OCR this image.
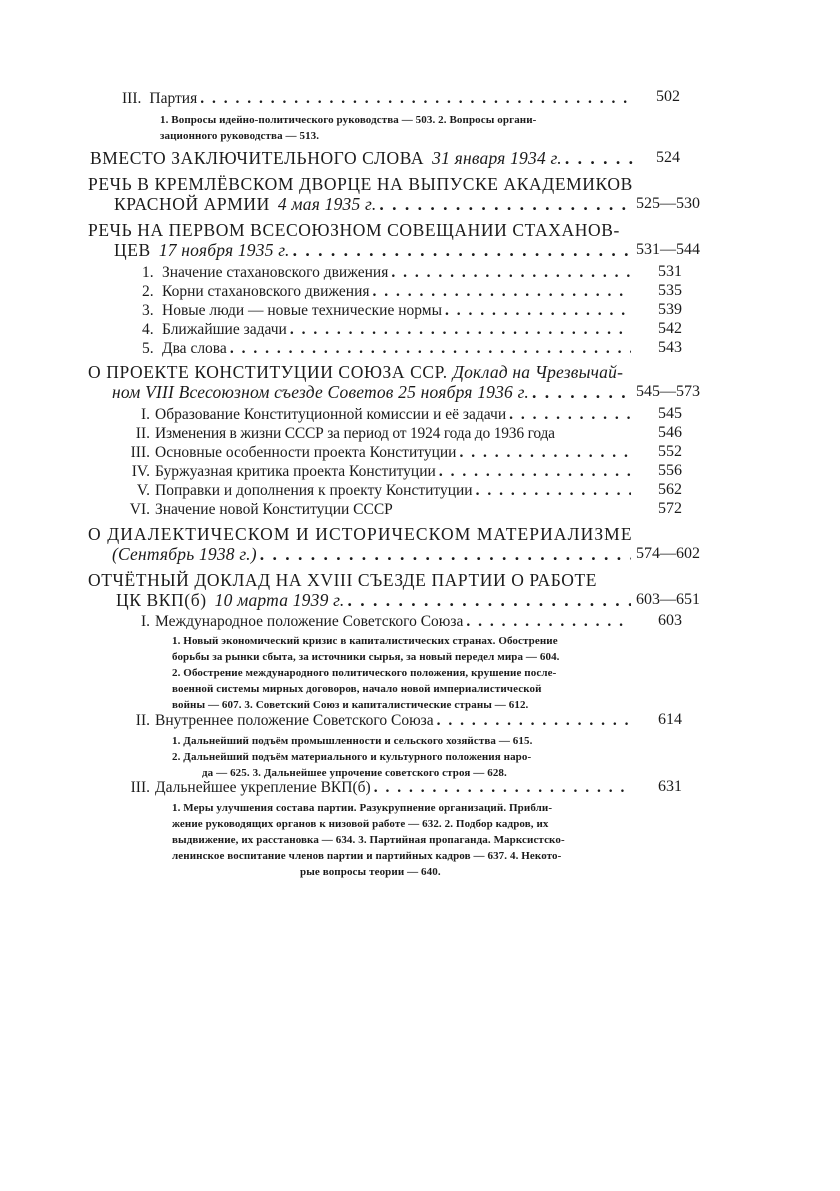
III. Партия . . .	502
1. Вопросы идейно-политического руководства — 503. 2. Вопросы органи-
зационного руководства — 513.
ВМЕСТО ЗАКЛЮЧИТЕЛЬНОГО СЛОВА 31 января 1934 г. . . .	524
РЕЧЬ В КРЕМЛЁВСКОМ ДВОРЦЕ НА ВЫПУСКЕ АКАДЕМИКОВ
КРАСНОЙ АРМИИ 4 мая 1935 г. . . .	525—530
РЕЧЬ НА ПЕРВОМ ВСЕСОЮЗНОМ СОВЕЩАНИИ СТАХАНОВ-
ЦЕВ 17 ноября 1935 г. . . .	531—544
1. Значение стахановского движения . . .	531
2. Корни стахановского движения . . .	535
3. Новые люди — новые технические нормы . . .	539
4. Ближайшие задачи . . .	542
5. Два слова . . .	543
О ПРОЕКТЕ КОНСТИТУЦИИ СОЮЗА ССР. Доклад на Чрезвычай-
ном VIII Всесоюзном съезде Советов 25 ноября 1936 г. . . .	545—573
I. Образование Конституционной комиссии и её задачи . . .	545
II. Изменения в жизни СССР за период от 1924 года до 1936 года	546
III. Основные особенности проекта Конституции . . .	552
IV. Буржуазная критика проекта Конституции . . .	556
V. Поправки и дополнения к проекту Конституции . . .	562
VI. Значение новой Конституции СССР	572
О ДИАЛЕКТИЧЕСКОМ И ИСТОРИЧЕСКОМ МАТЕРИАЛИЗМЕ
(Сентябрь 1938 г.) . . .	574—602
ОТЧЁТНЫЙ ДОКЛАД НА XVIII СЪЕЗДЕ ПАРТИИ О РАБОТЕ
ЦК ВКП(б) 10 марта 1939 г. . . .	603—651
I. Международное положение Советского Союза . . .	603
1. Новый экономический кризис в капиталистических странах. Обострение
борьбы за рынки сбыта, за источники сырья, за новый передел мира — 604.
2. Обострение международного политического положения, крушение после-
военной системы мирных договоров, начало новой империалистической
войны — 607. 3. Советский Союз и капиталистические страны — 612.
II. Внутреннее положение Советского Союза . . .	614
1. Дальнейший подъём промышленности и сельского хозяйства — 615.
2. Дальнейший подъём материального и культурного положения наро-
да — 625. 3. Дальнейшее упрочение советского строя — 628.
III. Дальнейшее укрепление ВКП(б) . . .	631
1. Меры улучшения состава партии. Разукрупнение организаций. Прибли-
жение руководящих органов к низовой работе — 632. 2. Подбор кадров, их
выдвижение, их расстановка — 634. 3. Партийная пропаганда. Марксистско-
ленинское воспитание членов партии и партийных кадров — 637. 4. Некото-
рые вопросы теории — 640.
